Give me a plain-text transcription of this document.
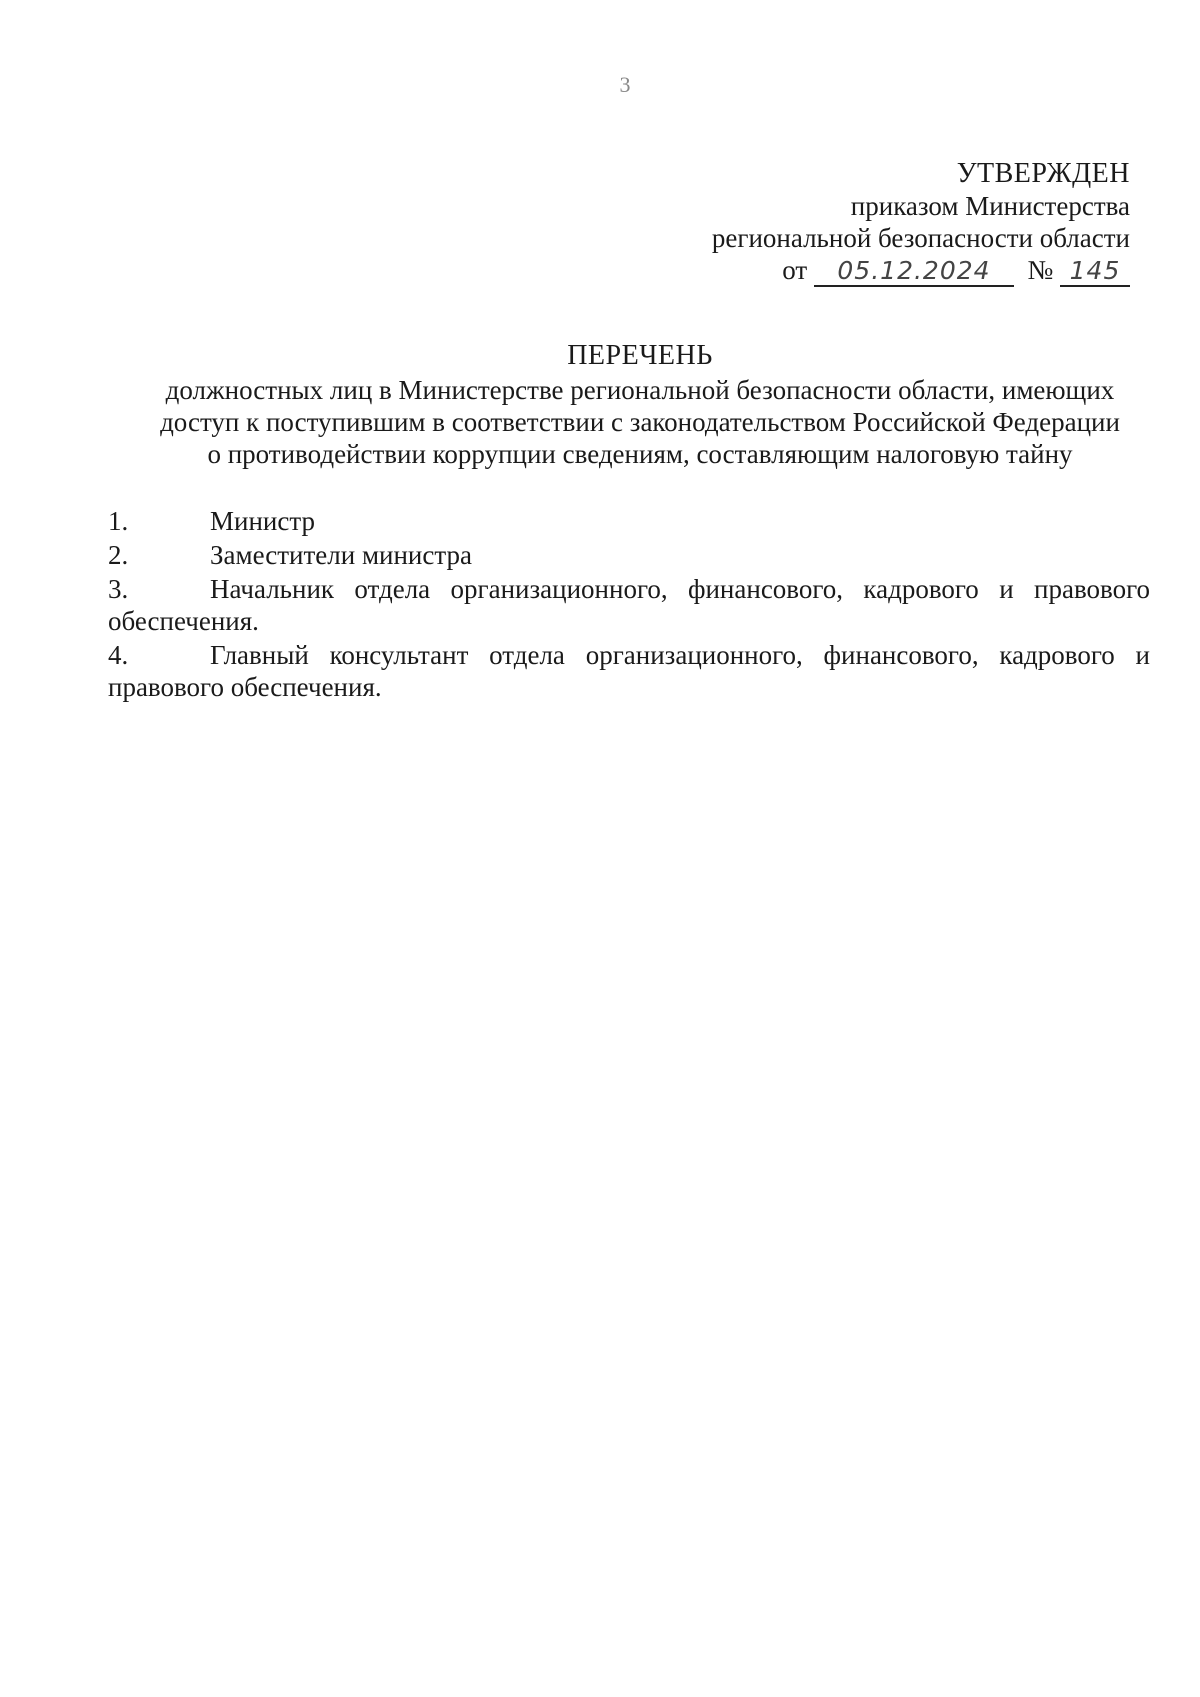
3
УТВЕРЖДЕН
приказом Министерства
региональной безопасности области
от 05.12.2024 № 145
ПЕРЕЧЕНЬ
должностных лиц в Министерстве региональной безопасности области, имеющих
доступ к поступившим в соответствии с законодательством Российской Федерации
о противодействии коррупции сведениям, составляющим налоговую тайну
1.	Министр
2.	Заместители министра
3.	Начальник отдела организационного, финансового, кадрового и правового обеспечения.
4.	Главный консультант отдела организационного, финансового, кадрового и правового обеспечения.
